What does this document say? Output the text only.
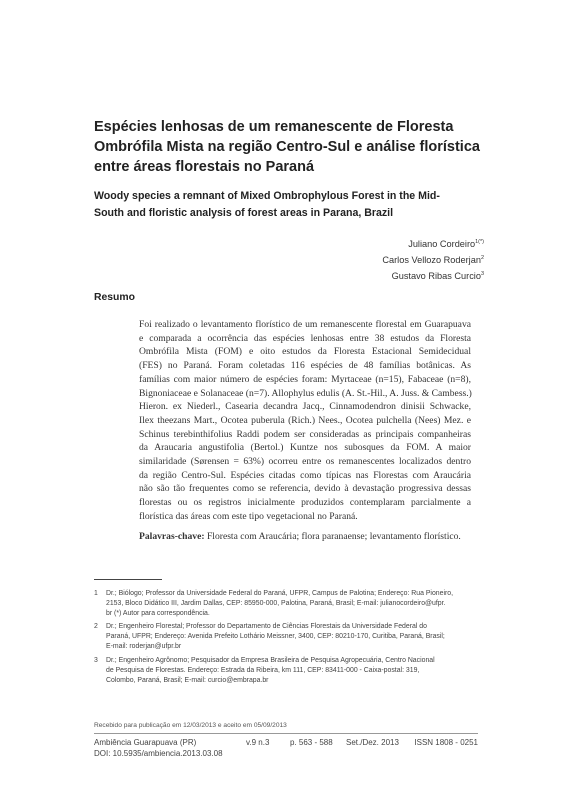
Espécies lenhosas de um remanescente de Floresta
Ombrófila Mista na região Centro-Sul e análise florística
entre áreas florestais no Paraná
Woody species a remnant of Mixed Ombrophylous Forest in the Mid-
South and floristic analysis of forest areas in Parana, Brazil
Juliano Cordeiro$^{1(*)}$
Carlos Vellozo Roderjan$^2$
Gustavo Ribas Curcio$^3$
Resumo
Foi realizado o levantamento florístico de um remanescente florestal em Guarapuava
e comparada a ocorrência das espécies lenhosas entre 38 estudos da Floresta
Ombrófila Mista (FOM) e oito estudos da Floresta Estacional Semidecidual
(FES) no Paraná. Foram coletadas 116 espécies de 48 famílias botânicas. As
famílias com maior número de espécies foram: Myrtaceae (n=15), Fabaceae (n=8),
Bignoniaceae e Solanaceae (n=7). Allophylus edulis (A. St.-Hil., A. Juss. & Cambess.)
Hieron. ex Niederl., Casearia decandra Jacq., Cinnamodendron dinisii Schwacke,
Ilex theezans Mart., Ocotea puberula (Rich.) Nees., Ocotea pulchella (Nees) Mez. e
Schinus terebinthifolius Raddi podem ser consideradas as principais companheiras
da Araucaria angustifolia (Bertol.) Kuntze nos subosques da FOM. A maior
similaridade (Sørensen = 63%) ocorreu entre os remanescentes localizados dentro
da região Centro-Sul. Espécies citadas como típicas nas Florestas com Araucária
não são tão frequentes como se referencia, devido à devastação progressiva dessas
florestas ou os registros inicialmente produzidos contemplaram parcialmente a
florística das áreas com este tipo vegetacional no Paraná.
Palavras-chave: Floresta com Araucária; flora paranaense; levantamento florístico.
1 Dr.; Biólogo; Professor da Universidade Federal do Paraná, UFPR, Campus de Palotina; Endereço: Rua Pioneiro,
2153, Bloco Didático III, Jardim Dallas, CEP: 85950-000, Palotina, Paraná, Brasil; E-mail: julianocordeiro@ufpr.
br (*) Autor para correspondência.
2 Dr.; Engenheiro Florestal; Professor do Departamento de Ciências Florestais da Universidade Federal do
Paraná, UFPR; Endereço: Avenida Prefeito Lothário Meissner, 3400, CEP: 80210-170, Curitiba, Paraná, Brasil;
E-mail: roderjan@ufpr.br
3 Dr.; Engenheiro Agrônomo; Pesquisador da Empresa Brasileira de Pesquisa Agropecuária, Centro Nacional
de Pesquisa de Florestas. Endereço: Estrada da Ribeira, km 111, CEP: 83411-000 - Caixa-postal: 319,
Colombo, Paraná, Brasil; E-mail: curcio@embrapa.br
Recebido para publicação em 12/03/2013 e aceito em 05/09/2013
Ambiência Guarapuava (PR)	v.9 n.3	p. 563 - 588 Set./Dez. 2013 ISSN 1808 - 0251
DOI: 10.5935/ambiencia.2013.03.08
